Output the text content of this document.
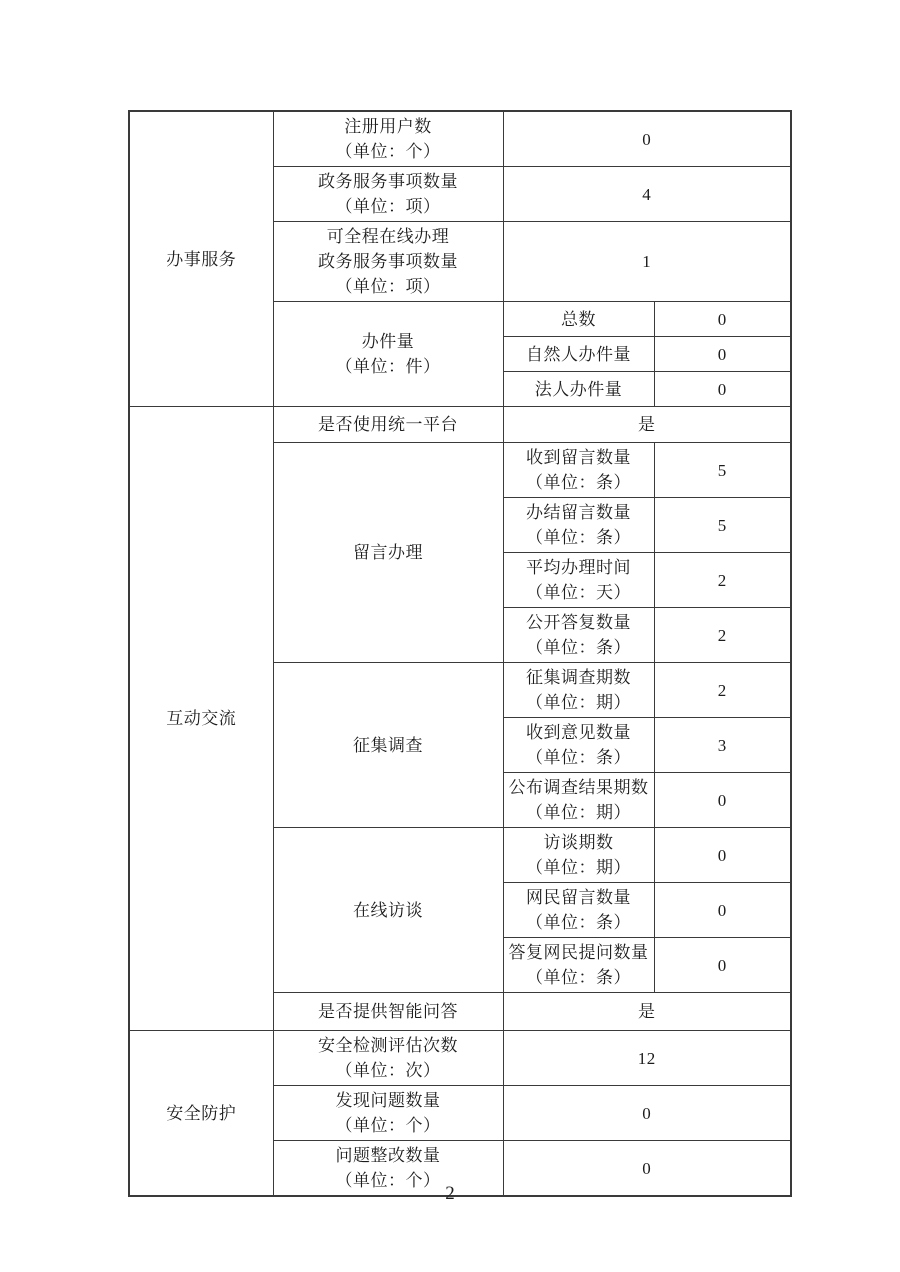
办事服务	注册用户数
（单位：个）	0	

	政务服务事项数量
（单位：项）	4	

	可全程在线办理
政务服务事项数量
（单位：项）	1	

	办件量
（单位：件）	总数	0
		自然人办件量	0
		法人办件量	0
互动交流	是否使用统一平台	是	
	留言办理	收到留言数量
（单位：条）	5

		办结留言数量
（单位：条）	5

		平均办理时间
（单位：天）	2

		公开答复数量
（单位：条）	2
	征集调查	征集调查期数
（单位：期）	2

		收到意见数量
（单位：条）	3

		公布调查结果期数
（单位：期）	0
	在线访谈	访谈期数
（单位：期）	0

		网民留言数量
（单位：条）	0

		答复网民提问数量
（单位：条）	0
	是否提供智能问答	是	
安全防护	安全检测评估次数
（单位：次）	12	

	发现问题数量
（单位：个）	0	

	问题整改数量
（单位：个）	0	
2
